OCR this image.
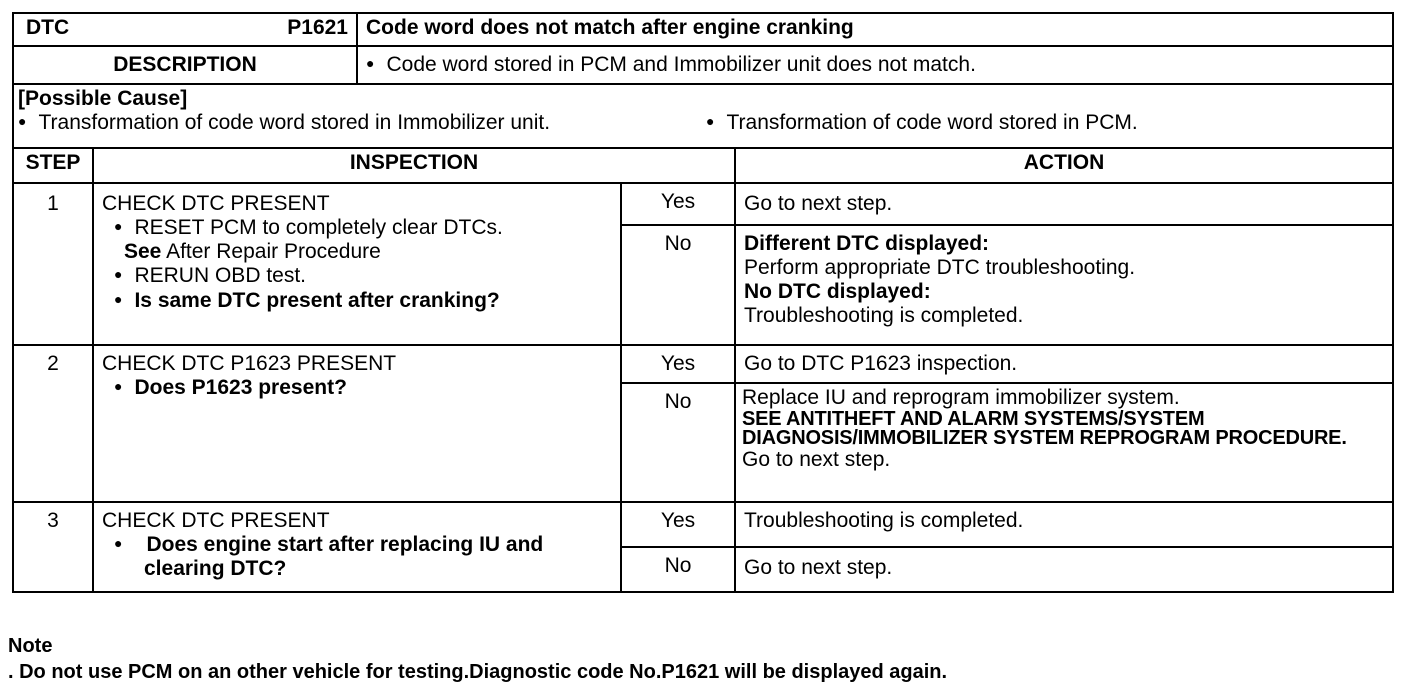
DTC P1621		Code word does not match after engine cranking		
DESCRIPTION		● Code word stored in PCM and Immobilizer unit does not match.

[Possible Cause]
● Transformation of code word stored in Immobilizer unit. ● Transformation of code word stored in PCM.

STEP	INSPECTION			ACTION
1	CHECK DTC PRESENT
● RESET PCM to completely clear DTCs.
See After Repair Procedure
● RERUN OBD test.
● Is same DTC present after cranking?		Yes	Go to next step.
			No	Different DTC displayed:
Perform appropriate DTC troubleshooting.
No DTC displayed:
Troubleshooting is completed.

2	CHECK DTC P1623 PRESENT
● Does P1623 present?		Yes	Go to DTC P1623 inspection.
			No	Replace IU and reprogram immobilizer system.
SEE ANTITHEFT AND ALARM SYSTEMS/SYSTEM DIAGNOSIS/IMMOBILIZER SYSTEM REPROGRAM PROCEDURE.
Go to next step.

3	CHECK DTC PRESENT
● Does engine start after replacing IU and clearing DTC?		Yes	Troubleshooting is completed.
			No	Go to next step.
Note
. Do not use PCM on an other vehicle for testing.Diagnostic code No.P1621 will be displayed again.
